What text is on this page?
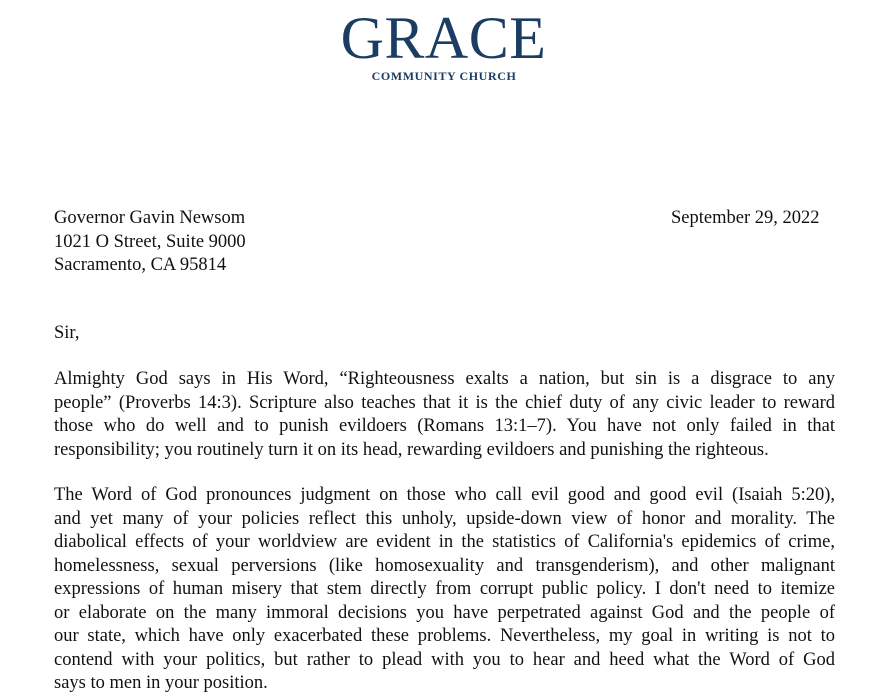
GRACE
COMMUNITY CHURCH
Governor Gavin Newsom
1021 O Street, Suite 9000
Sacramento, CA 95814
September 29, 2022
Sir,
Almighty God says in His Word, “Righteousness exalts a nation, but sin is a disgrace to any
people” (Proverbs 14:3). Scripture also teaches that it is the chief duty of any civic leader to reward
those who do well and to punish evildoers (Romans 13:1–7). You have not only failed in that
responsibility; you routinely turn it on its head, rewarding evildoers and punishing the righteous.
The Word of God pronounces judgment on those who call evil good and good evil (Isaiah 5:20),
and yet many of your policies reflect this unholy, upside-down view of honor and morality. The
diabolical effects of your worldview are evident in the statistics of California's epidemics of crime,
homelessness, sexual perversions (like homosexuality and transgenderism), and other malignant
expressions of human misery that stem directly from corrupt public policy. I don't need to itemize
or elaborate on the many immoral decisions you have perpetrated against God and the people of
our state, which have only exacerbated these problems. Nevertheless, my goal in writing is not to
contend with your politics, but rather to plead with you to hear and heed what the Word of God
says to men in your position.
